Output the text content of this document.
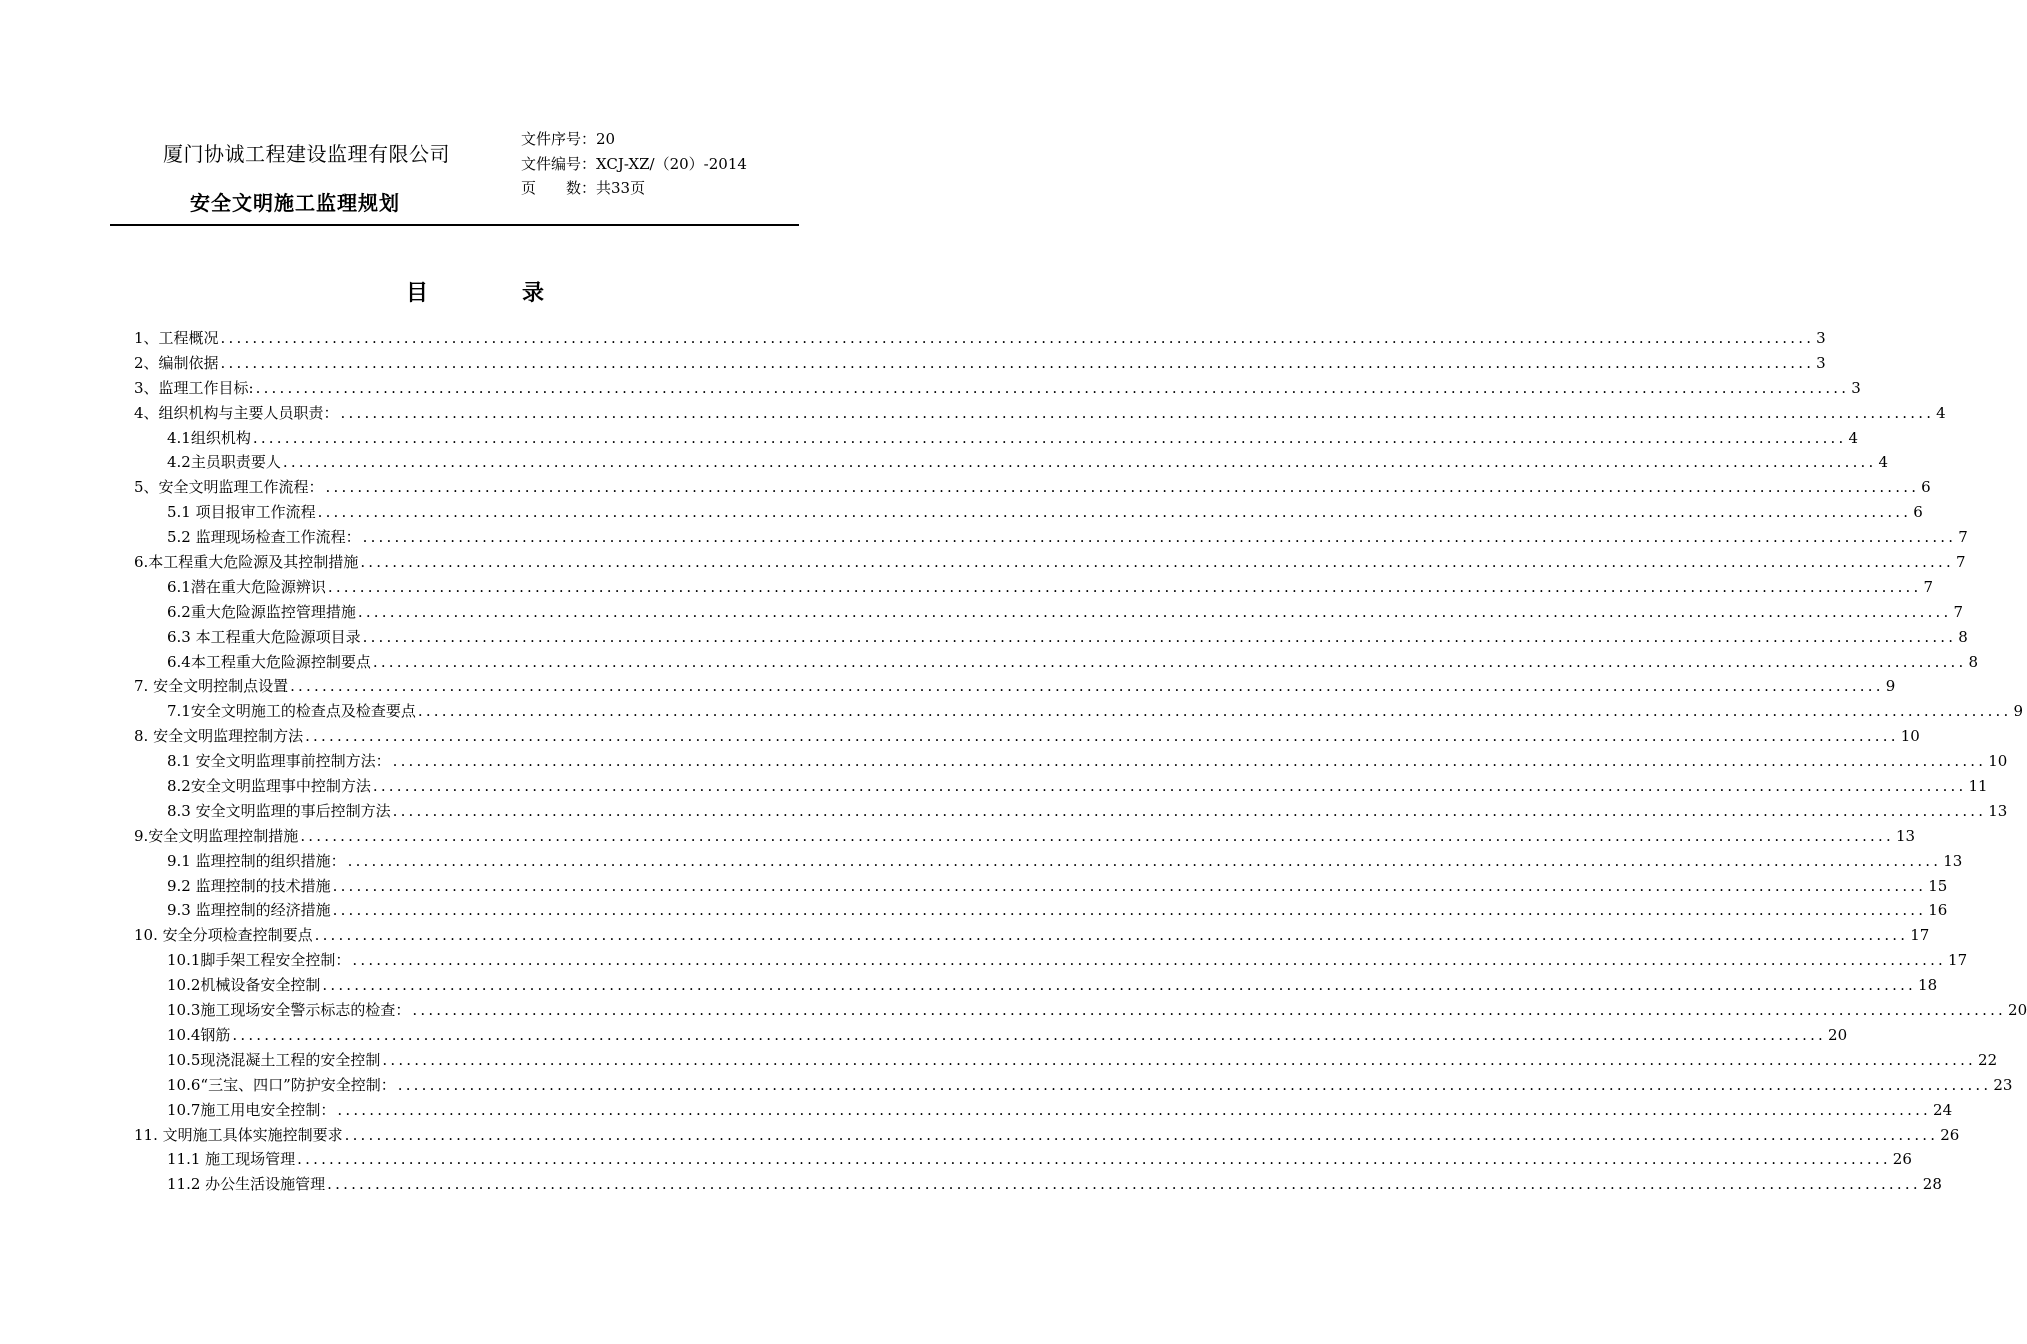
厦门协诚工程建设监理有限公司
安全文明施工监理规划
文件序号：20
文件编号：XCJ-XZ/（20）-2014
页　　数：共33页
目	录
1、工程概况 ........................................................................................................................................................................................................ 3
2、编制依据 ........................................................................................................................................................................................................ 3
3、监理工作目标: ........................................................................................................................................................................................................ 3
4、组织机构与主要人员职责： ........................................................................................................................................................................................................ 4
4.1组织机构 ........................................................................................................................................................................................................ 4
4.2主员职责要人 ........................................................................................................................................................................................................ 4
5、安全文明监理工作流程： ........................................................................................................................................................................................................ 6
5.1 项目报审工作流程 ........................................................................................................................................................................................................ 6
5.2 监理现场检查工作流程： ........................................................................................................................................................................................................ 7
6.本工程重大危险源及其控制措施 ........................................................................................................................................................................................................ 7
6.1潜在重大危险源辨识 ........................................................................................................................................................................................................ 7
6.2重大危险源监控管理措施 ........................................................................................................................................................................................................ 7
6.3 本工程重大危险源项目录 ........................................................................................................................................................................................................ 8
6.4本工程重大危险源控制要点 ........................................................................................................................................................................................................ 8
7. 安全文明控制点设置 ........................................................................................................................................................................................................ 9
7.1安全文明施工的检查点及检查要点 ........................................................................................................................................................................................................ 9
8. 安全文明监理控制方法 ........................................................................................................................................................................................................ 10
8.1 安全文明监理事前控制方法： ........................................................................................................................................................................................................ 10
8.2安全文明监理事中控制方法 ........................................................................................................................................................................................................ 11
8.3 安全文明监理的事后控制方法 ........................................................................................................................................................................................................ 13
9.安全文明监理控制措施 ........................................................................................................................................................................................................ 13
9.1 监理控制的组织措施： ........................................................................................................................................................................................................ 13
9.2 监理控制的技术措施 ........................................................................................................................................................................................................ 15
9.3 监理控制的经济措施 ........................................................................................................................................................................................................ 16
10. 安全分项检查控制要点 ........................................................................................................................................................................................................ 17
10.1脚手架工程安全控制： ........................................................................................................................................................................................................ 17
10.2机械设备安全控制 ........................................................................................................................................................................................................ 18
10.3施工现场安全警示标志的检查： ........................................................................................................................................................................................................ 20
10.4钢筋 ........................................................................................................................................................................................................ 20
10.5现浇混凝土工程的安全控制 ........................................................................................................................................................................................................ 22
10.6“三宝、四口”防护安全控制： ........................................................................................................................................................................................................ 23
10.7施工用电安全控制： ........................................................................................................................................................................................................ 24
11. 文明施工具体实施控制要求 ........................................................................................................................................................................................................ 26
11.1 施工现场管理 ........................................................................................................................................................................................................ 26
11.2 办公生活设施管理 ........................................................................................................................................................................................................ 28
